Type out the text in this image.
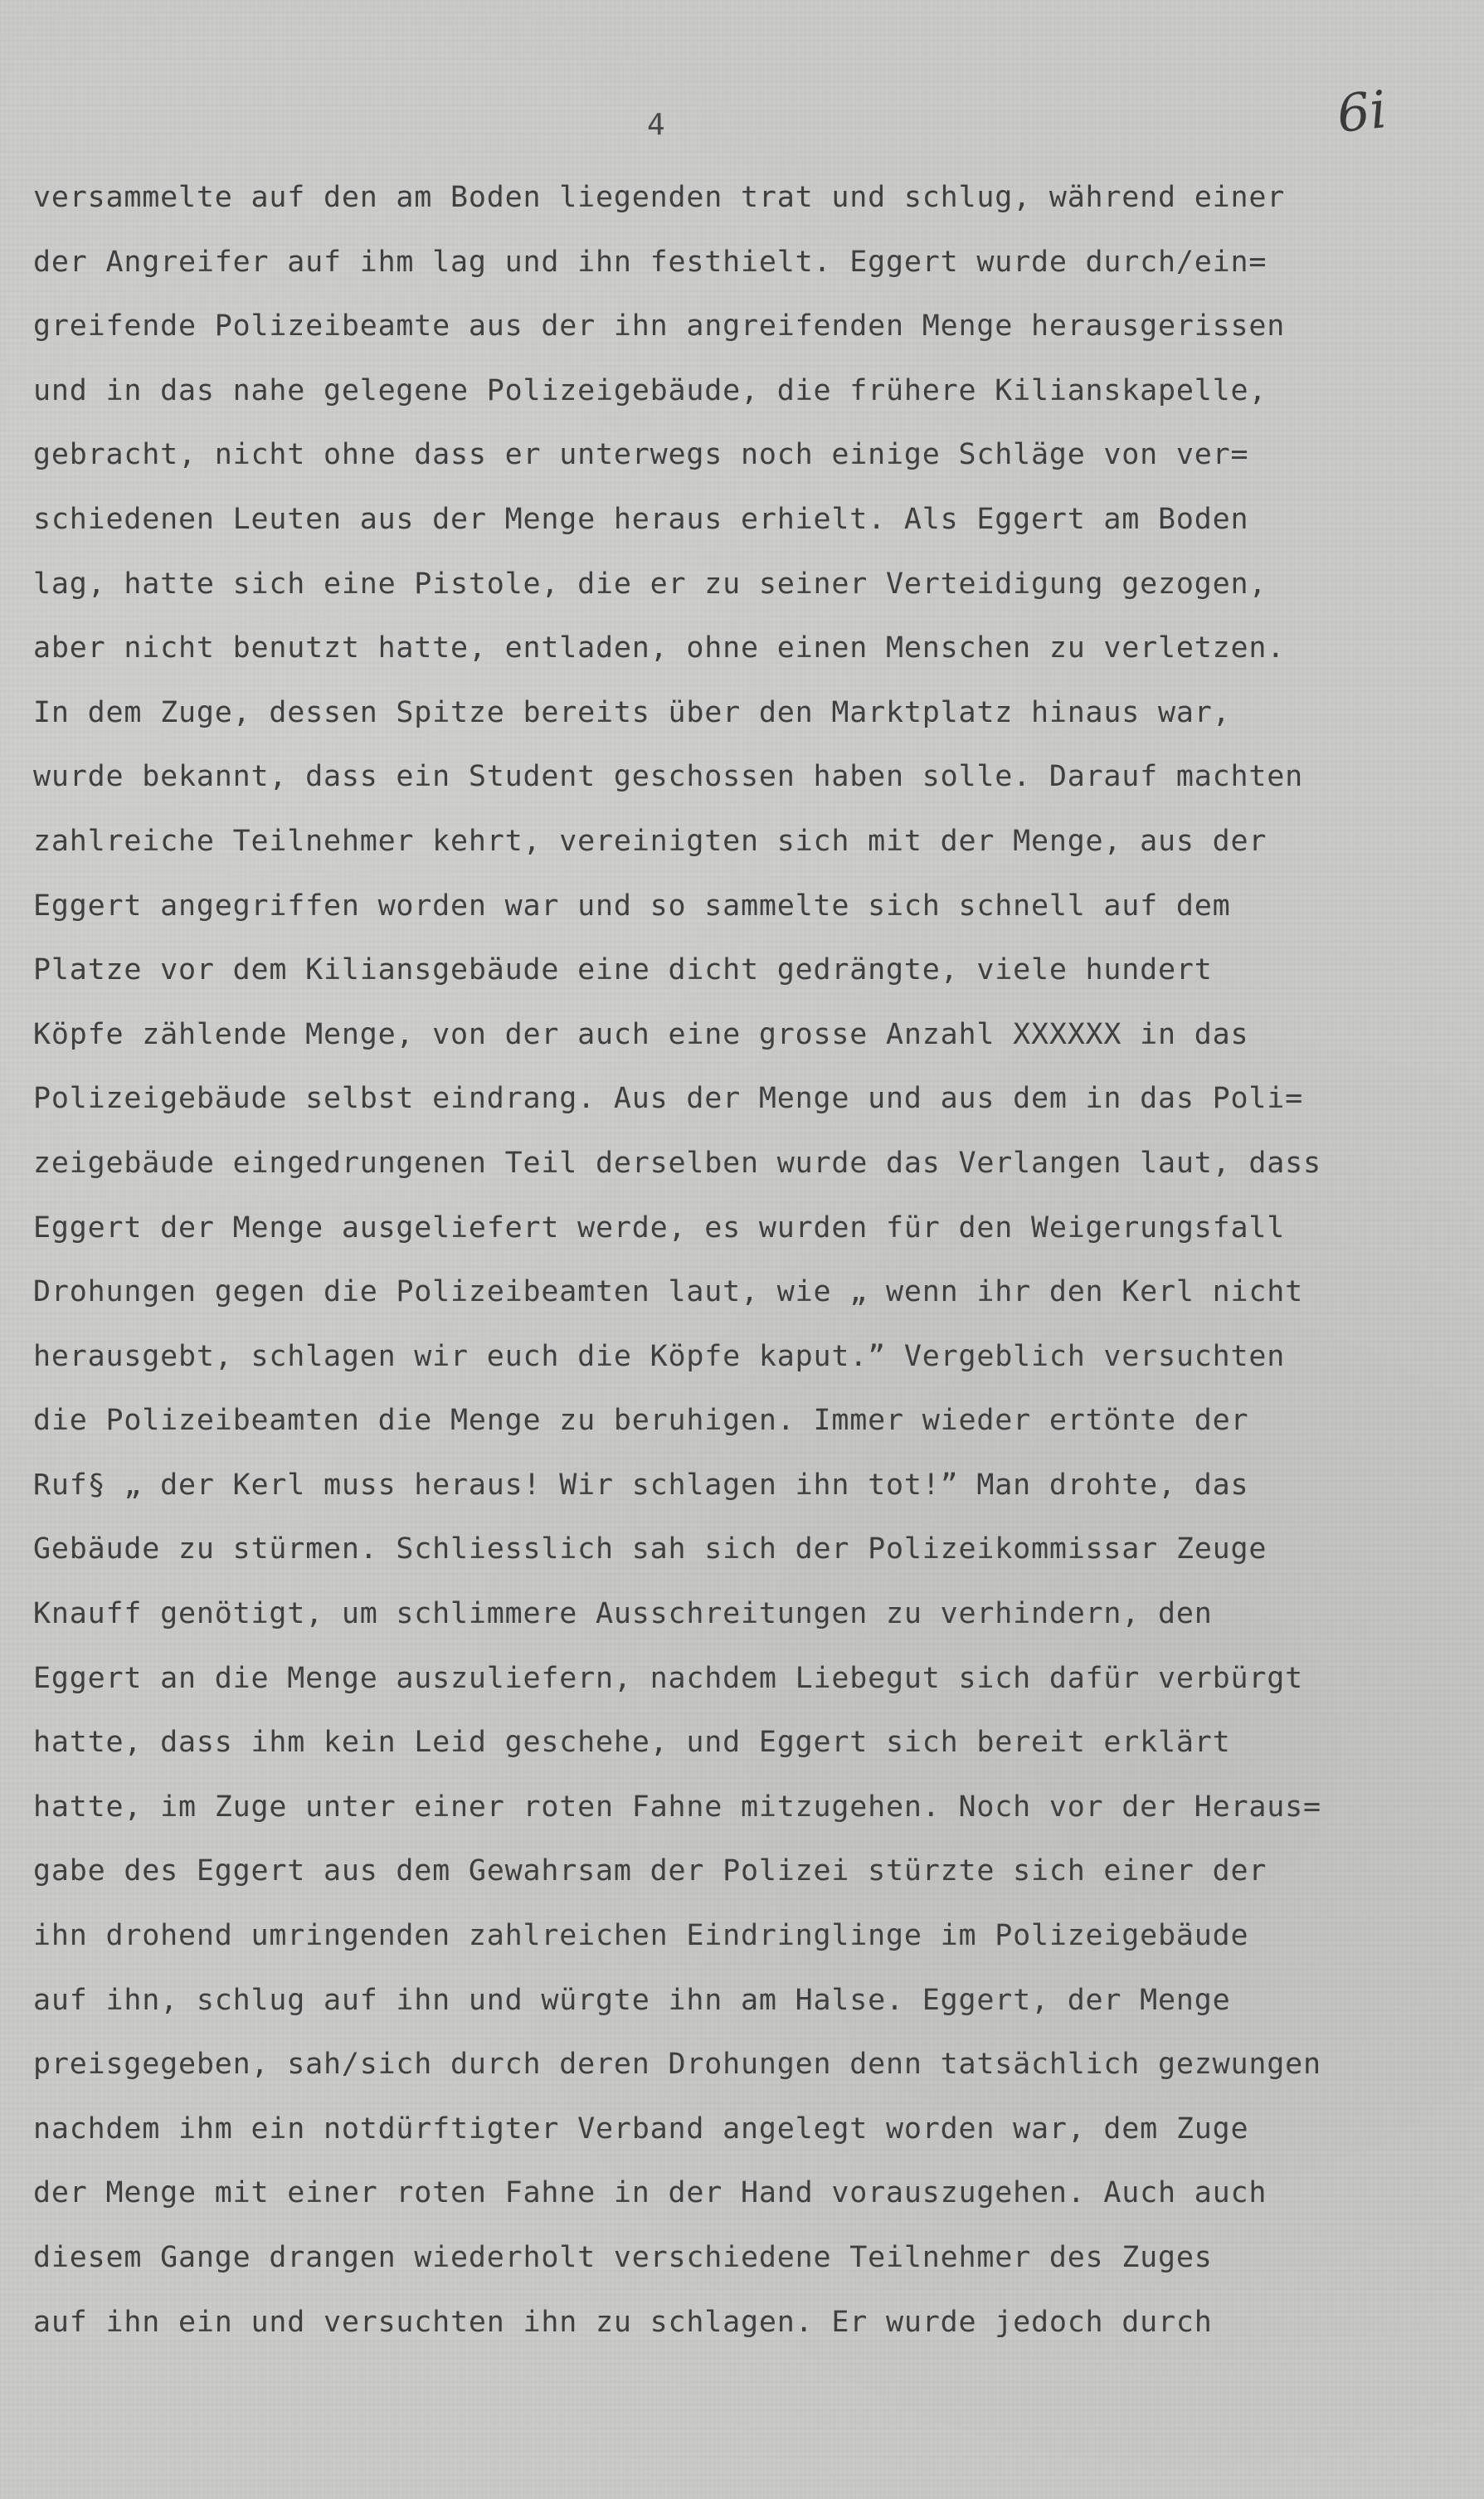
4	6i

versammelte auf den am Boden liegenden trat und schlug, während einer
der Angreifer auf ihm lag und ihn festhielt. Eggert wurde durch/ein=
greifende Polizeibeamte aus der ihn angreifenden Menge herausgerissen
und in das nahe gelegene Polizeigebäude, die frühere Kilianskapelle,
gebracht, nicht ohne dass er unterwegs noch einige Schläge von ver=
schiedenen Leuten aus der Menge heraus erhielt. Als Eggert am Boden
lag, hatte sich eine Pistole, die er zu seiner Verteidigung gezogen,
aber nicht benutzt hatte, entladen, ohne einen Menschen zu verletzen.
In dem Zuge, dessen Spitze bereits über den Marktplatz hinaus war,
wurde bekannt, dass ein Student geschossen haben solle. Darauf machten
zahlreiche Teilnehmer kehrt, vereinigten sich mit der Menge, aus der
Eggert angegriffen worden war und so sammelte sich schnell auf dem
Platze vor dem Kiliansgebäude eine dicht gedrängte, viele hundert
Köpfe zählende Menge, von der auch eine grosse Anzahl XXXXXX in das
Polizeigebäude selbst eindrang. Aus der Menge und aus dem in das Poli=
zeigebäude eingedrungenen Teil derselben wurde das Verlangen laut, dass
Eggert der Menge ausgeliefert werde, es wurden für den Weigerungsfall
Drohungen gegen die Polizeibeamten laut, wie „ wenn ihr den Kerl nicht
herausgebt, schlagen wir euch die Köpfe kaput.” Vergeblich versuchten
die Polizeibeamten die Menge zu beruhigen. Immer wieder ertönte der
Ruf§ „ der Kerl muss heraus! Wir schlagen ihn tot!” Man drohte, das
Gebäude zu stürmen. Schliesslich sah sich der Polizeikommissar Zeuge
Knauff genötigt, um schlimmere Ausschreitungen zu verhindern, den
Eggert an die Menge auszuliefern, nachdem Liebegut sich dafür verbürgt
hatte, dass ihm kein Leid geschehe, und Eggert sich bereit erklärt
hatte, im Zuge unter einer roten Fahne mitzugehen. Noch vor der Heraus=
gabe des Eggert aus dem Gewahrsam der Polizei stürzte sich einer der
ihn drohend umringenden zahlreichen Eindringlinge im Polizeigebäude
auf ihn, schlug auf ihn und würgte ihn am Halse. Eggert, der Menge
preisgegeben, sah/sich durch deren Drohungen denn tatsächlich gezwungen
nachdem ihm ein notdürftigter Verband angelegt worden war, dem Zuge
der Menge mit einer roten Fahne in der Hand vorauszugehen. Auch auch
diesem Gange drangen wiederholt verschiedene Teilnehmer des Zuges
auf ihn ein und versuchten ihn zu schlagen. Er wurde jedoch durch
